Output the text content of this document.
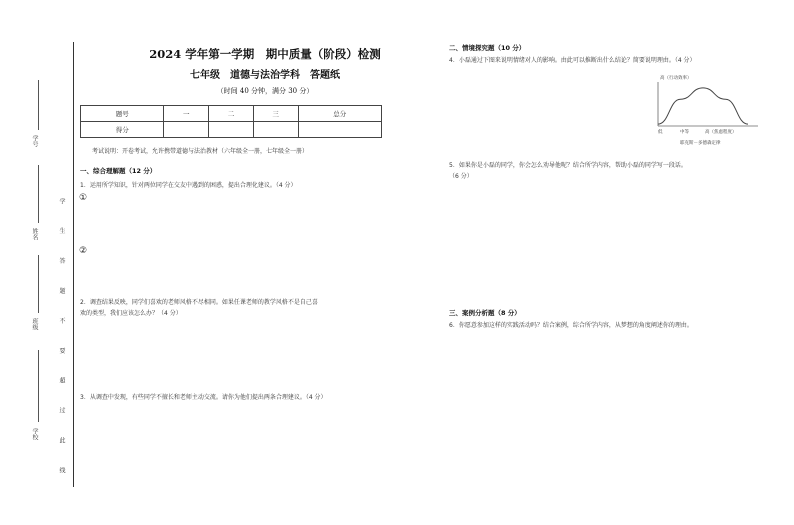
学号
姓名
班级
学校	学 生 答 题 不 要 超 过 此 线
2024 学年第一学期　期中质量（阶段）检测
七年级　道德与法治学科　答题纸
（时间 40 分钟，满分 30 分）
题号	一	二	三	总分
得分				
考试说明：开卷考试，允许携带道德与法治教材（六年级全一册，七年级全一册）
一、综合理解题（12 分）
1．运用所学知识，针对两位同学在交友中遇到的困惑，提出合理化建议。（4 分）
①
②
2．调查结果反映，同学们喜欢的老师风格不尽相同。如果任课老师的教学风格不是自己喜
欢的类型，我们应该怎么办？（4 分）
3．从调查中发现，有些同学不擅长和老师主动交流。请你为他们提出两条合理建议。（4 分）
二、情境探究题（10 分）
4．小磊通过下图来说明情绪对人的影响。由此可以推断出什么结论？简要说明理由。（4 分）
高（行动效率）
高（焦虑程度）
低	中等
耶克斯－多德森定律
5．如果你是小磊的同学，你会怎么劝导他呢？结合所学内容，帮助小磊的同学写一段话。
（6 分）
三、案例分析题（8 分）
6．你愿意参加这样的实践活动吗？结合案例，综合所学内容，从梦想的角度阐述你的理由。
